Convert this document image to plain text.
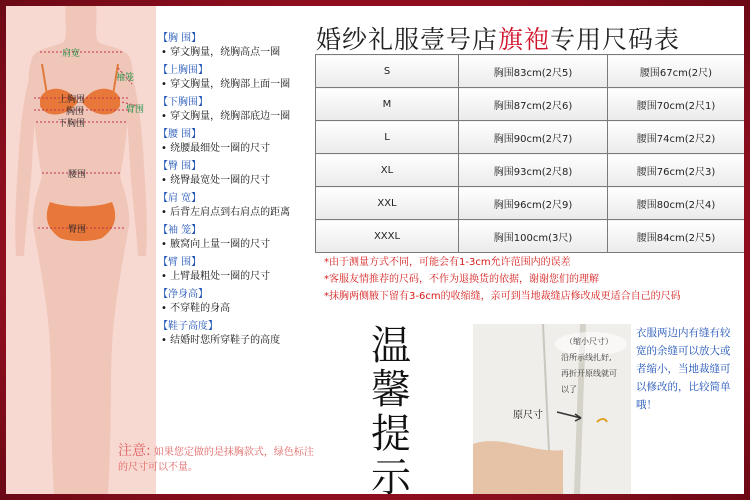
肩宽
袖笼
臂围
上胸围
胸围
下胸围
腰围
臀围
【胸 围】
• 穿文胸量，绕胸高点一圈
【上胸围】
• 穿文胸量，绕胸部上面一圈
【下胸围】
• 穿文胸量，绕胸部底边一圈
【腰 围】
• 绕腰最细处一圈的尺寸
【臀 围】
• 绕臀最宽处一圈的尺寸
【肩 宽】
• 后背左肩点到右肩点的距离
【袖 笼】
• 腋窝向上量一圈的尺寸
【臂 围】
• 上臂最粗处一圈的尺寸
【净身高】
• 不穿鞋的身高
【鞋子高度】
• 结婚时您所穿鞋子的高度
注意: 如果您定做的是抹胸款式，绿色标注的尺寸可以不量。
婚纱礼服壹号店旗袍专用尺码表
S	胸围83cm(2尺5)	腰围67cm(2尺)
M	胸围87cm(2尺6)	腰围70cm(2尺1)
L	胸围90cm(2尺7)	腰围74cm(2尺2)
XL	胸围93cm(2尺8)	腰围76cm(2尺3)
XXL	胸围96cm(2尺9)	腰围80cm(2尺4)
XXXL	胸围100cm(3尺)	腰围84cm(2尺5)
*由于测量方式不同，可能会有1-3cm允许范围内的误差
*客服友情推荐的尺码，不作为退换货的依据，谢谢您们的理解
*抹胸两侧腋下留有3-6cm的收缩缝，亲可到当地裁缝店修改成更适合自己的尺码
温
馨
提
示
（缩小尺寸）
沿所示线扎好,
再折开原线就可
以了
原尺寸
衣服两边内有缝有较宽的余缝可以放大或者缩小，当地裁缝可以修改的，比较简单哦！
